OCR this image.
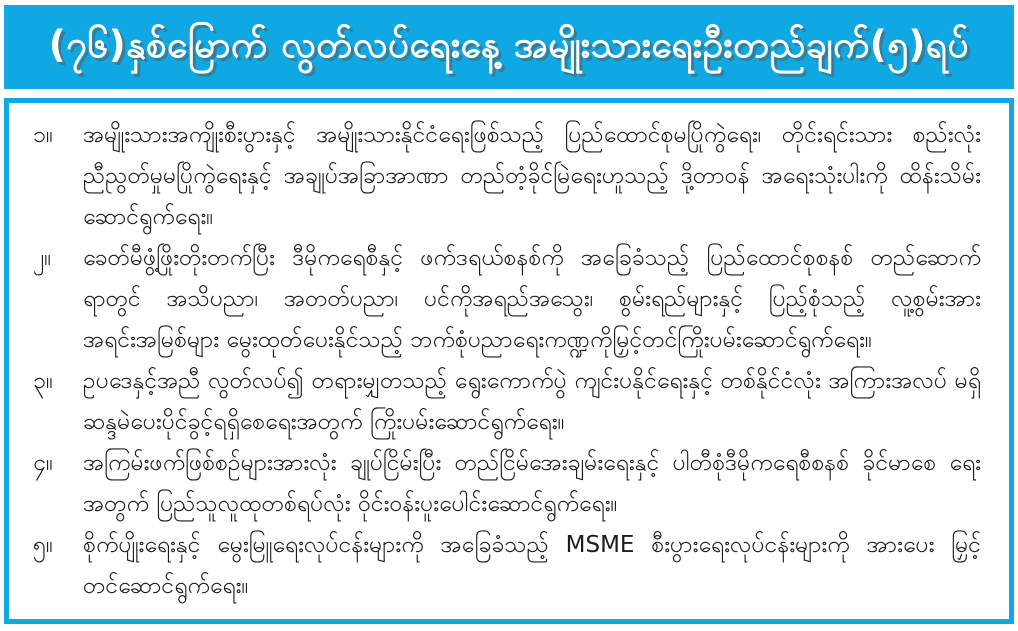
(၇၆)နှစ်မြောက် လွတ်လပ်ရေးနေ့ အမျိုးသားရေးဦးတည်ချက်(၅)ရပ်
၁။	အမျိုးသားအကျိုးစီးပွားနှင့် အမျိုးသားနိုင်ငံရေးဖြစ်သည့် ပြည်ထောင်စုမပြိုကွဲရေး၊ တိုင်းရင်းသား စည်းလုံးညီညွတ်မှုမပြိုကွဲရေးနှင့် အချုပ်အခြာအာဏာ တည်တံ့ခိုင်မြဲရေးဟူသည့် ဒို့တာဝန် အရေးသုံးပါးကို ထိန်းသိမ်းဆောင်ရွက်ရေး။
၂။	ခေတ်မီဖွံ့ဖြိုးတိုးတက်ပြီး ဒီမိုကရေစီနှင့် ဖက်ဒရယ်စနစ်ကို အခြေခံသည့် ပြည်ထောင်စုစနစ် တည်ဆောက်ရာတွင် အသိပညာ၊ အတတ်ပညာ၊ ပင်ကိုအရည်အသွေး၊ စွမ်းရည်များနှင့် ပြည့်စုံသည့် လူ့စွမ်းအား အရင်းအမြစ်များ မွေးထုတ်ပေးနိုင်သည့် ဘက်စုံပညာရေးကဏ္ဍကိုမြှင့်တင်ကြိုးပမ်းဆောင်ရွက်ရေး။
၃။	ဥပဒေနှင့်အညီ လွတ်လပ်၍ တရားမျှတသည့် ရွေးကောက်ပွဲ ကျင်းပနိုင်ရေးနှင့် တစ်နိုင်ငံလုံး အကြားအလပ် မရှိ ဆန္ဒမဲပေးပိုင်ခွင့်ရရှိစေရေးအတွက် ကြိုးပမ်းဆောင်ရွက်ရေး။
၄။	အကြမ်းဖက်ဖြစ်စဉ်များအားလုံး ချုပ်ငြိမ်းပြီး တည်ငြိမ်အေးချမ်းရေးနှင့် ပါတီစုံဒီမိုကရေစီစနစ် ခိုင်မာစေ ရေးအတွက် ပြည်သူလူထုတစ်ရပ်လုံး ဝိုင်းဝန်းပူးပေါင်းဆောင်ရွက်ရေး။
၅။	စိုက်ပျိုးရေးနှင့် မွေးမြူရေးလုပ်ငန်းများကို အခြေခံသည့် MSME စီးပွားရေးလုပ်ငန်းများကို အားပေး မြှင့်တင်ဆောင်ရွက်ရေး။
